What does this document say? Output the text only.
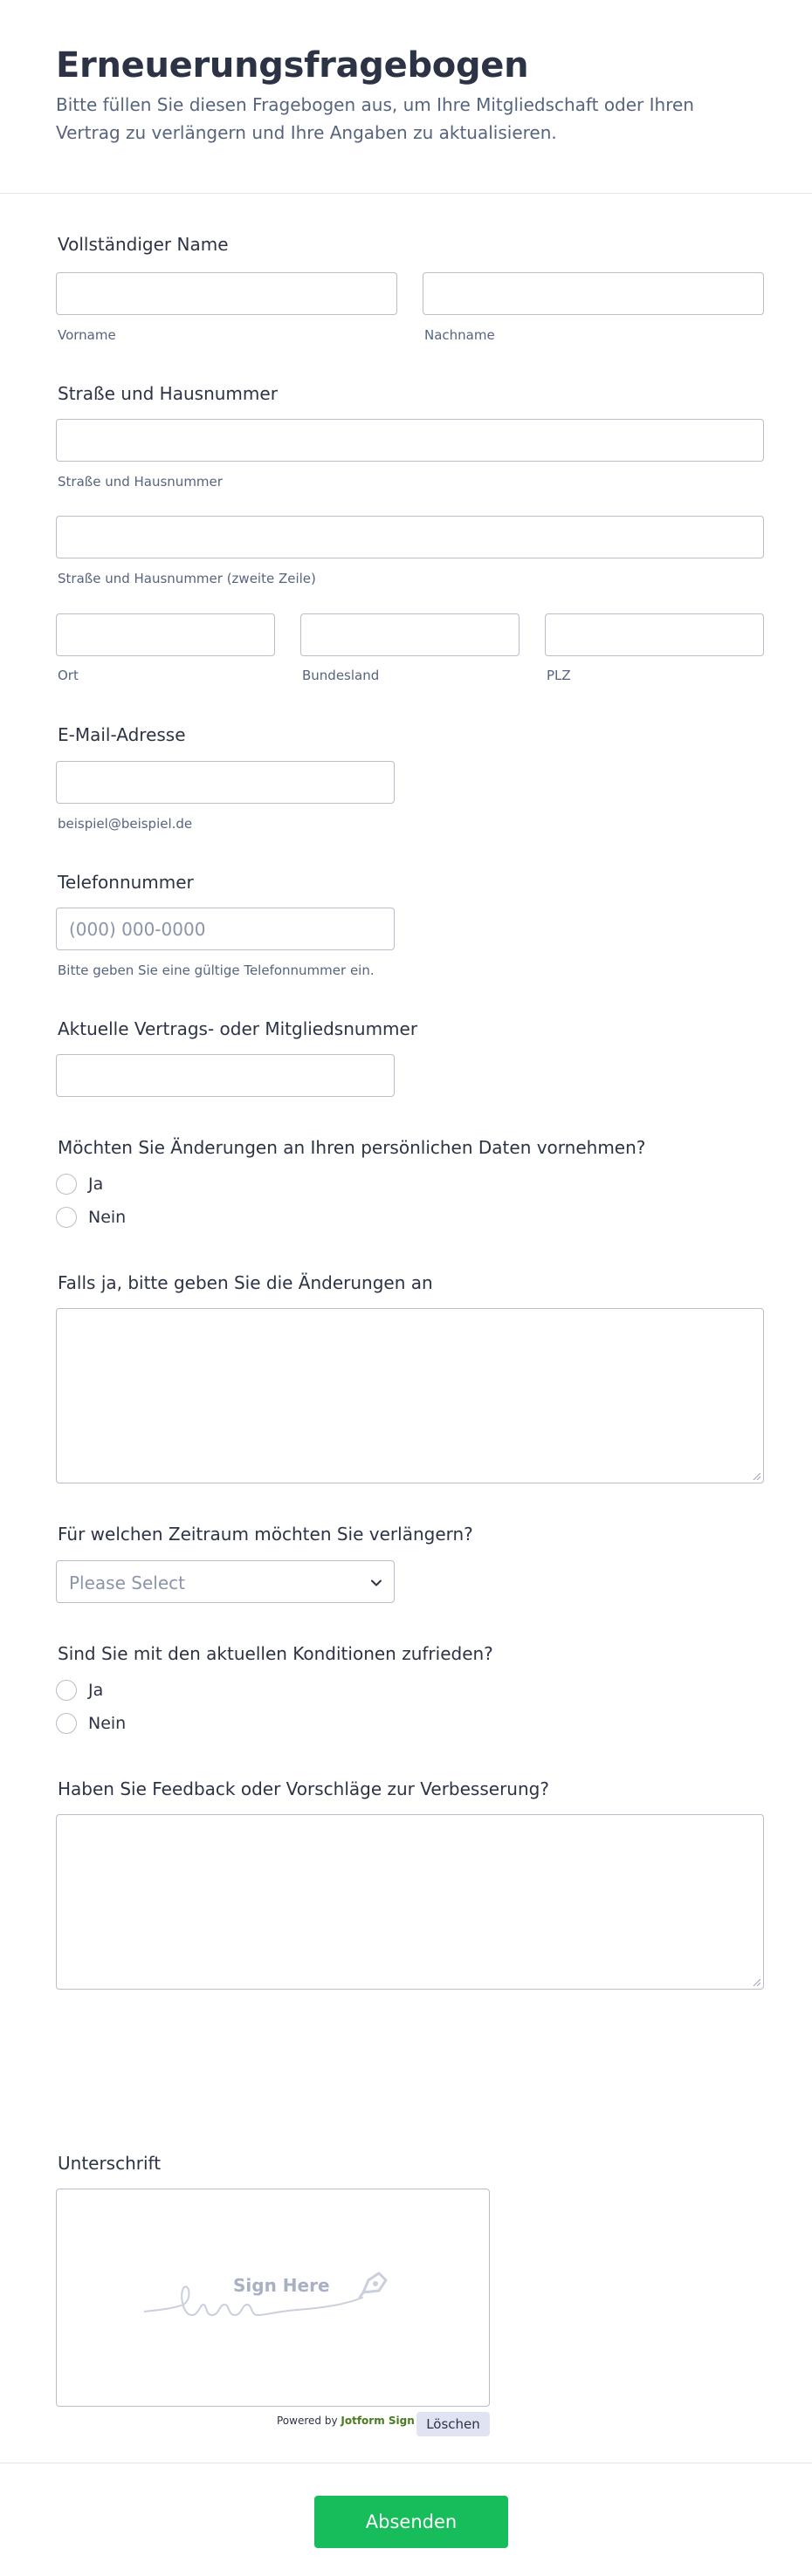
Erneuerungsfragebogen

Bitte füllen Sie diesen Fragebogen aus, um Ihre Mitgliedschaft oder Ihren Vertrag zu verlängern und Ihre Angaben zu aktualisieren.

Vollständiger Name
Vorname	Nachname
Straße und Hausnummer
Straße und Hausnummer
Straße und Hausnummer (zweite Zeile)
Ort	Bundesland	PLZ
E-Mail-Adresse
beispiel@beispiel.de
Telefonnummer
(000) 000-0000
Bitte geben Sie eine gültige Telefonnummer ein.
Aktuelle Vertrags- oder Mitgliedsnummer
Möchten Sie Änderungen an Ihren persönlichen Daten vornehmen?
Ja
Nein
Falls ja, bitte geben Sie die Änderungen an
Für welchen Zeitraum möchten Sie verlängern?
Please Select
Sind Sie mit den aktuellen Konditionen zufrieden?
Ja
Nein
Haben Sie Feedback oder Vorschläge zur Verbesserung?
Unterschrift
Sign Here
Powered by Jotform Sign Löschen
Absenden
